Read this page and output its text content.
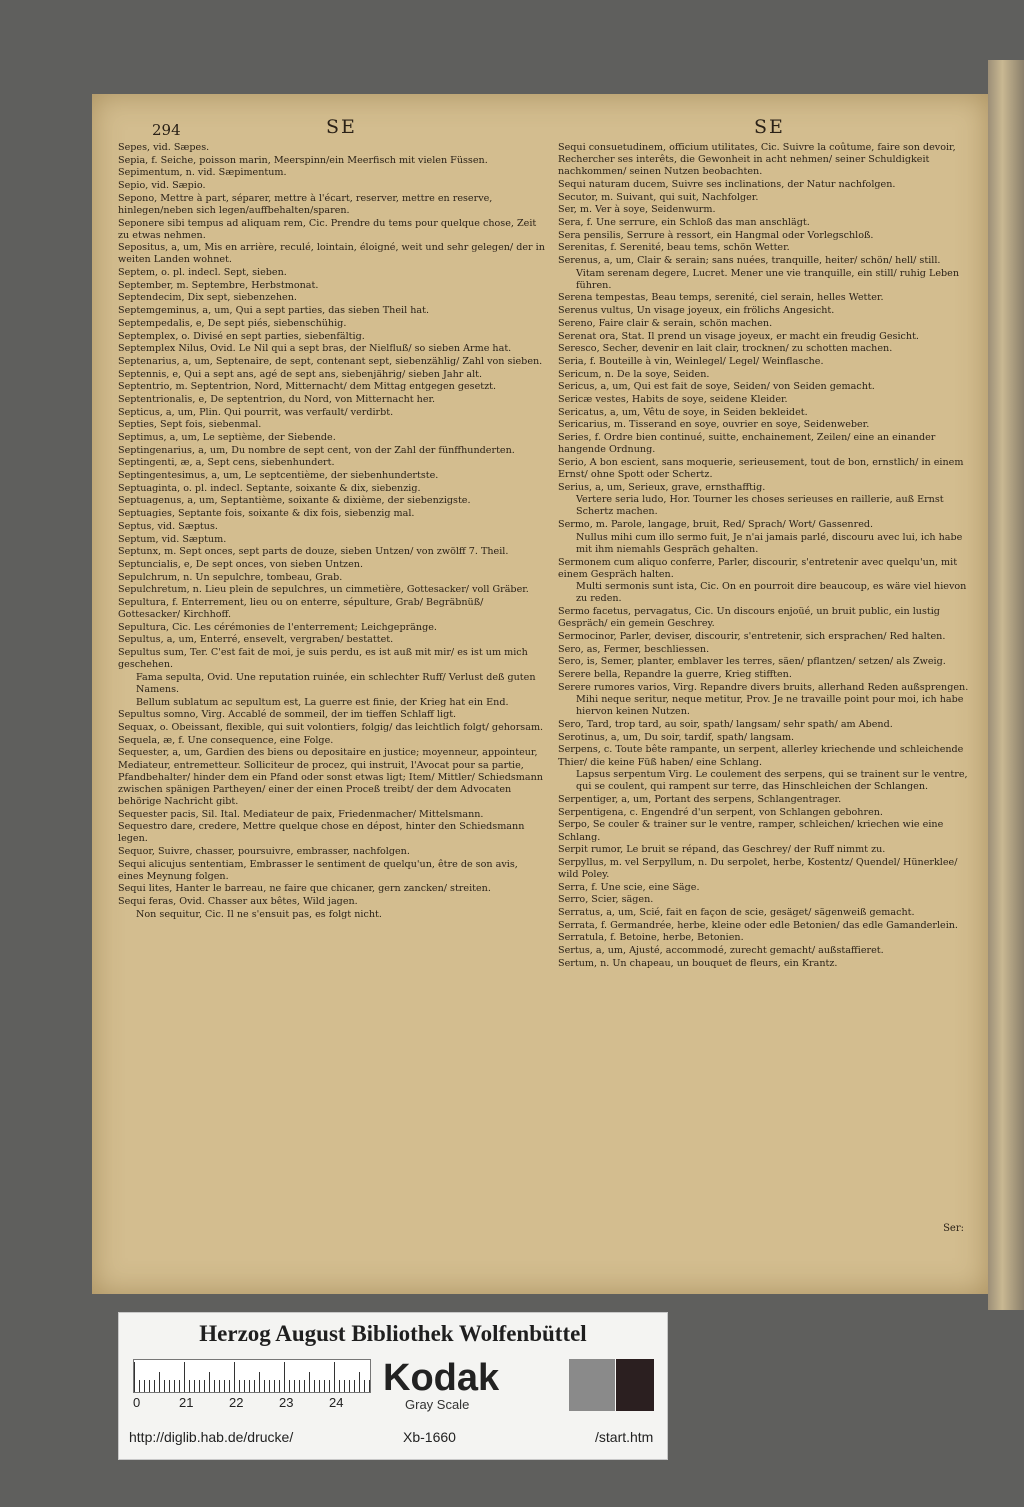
294	SE	SE
Sepes, vid. Sæpes.
Sepia, f. Seiche, poisson marin, Meerspinn/ein Meerfisch mit vielen Füssen.
Sepimentum, n. vid. Sæpimentum.
Sepio, vid. Sæpio.
Sepono, Mettre à part, séparer, mettre à l'écart, reserver, mettre en reserve, hinlegen/neben sich legen/auffbehalten/sparen.
Seponere sibi tempus ad aliquam rem, Cic. Prendre du tems pour quelque chose, Zeit zu etwas nehmen.
Sepositus, a, um, Mis en arrière, reculé, lointain, éloigné, weit und sehr gelegen/ der in weiten Landen wohnet.
Septem, o. pl. indecl. Sept, sieben.
September, m. Septembre, Herbstmonat.
Septendecim, Dix sept, siebenzehen.
Septemgeminus, a, um, Qui a sept parties, das sieben Theil hat.
Septempedalis, e, De sept piés, siebenschühig.
Septemplex, o. Divisé en sept parties, siebenfältig.
Septemplex Nilus, Ovid. Le Nil qui a sept bras, der Nielfluß/ so sieben Arme hat.
Septenarius, a, um, Septenaire, de sept, contenant sept, siebenzählig/ Zahl von sieben.
Septennis, e, Qui a sept ans, agé de sept ans, siebenjährig/ sieben Jahr alt.
Septentrio, m. Septentrion, Nord, Mitternacht/ dem Mittag entgegen gesetzt.
Septentrionalis, e, De septentrion, du Nord, von Mitternacht her.
Septicus, a, um, Plin. Qui pourrit, was verfault/ verdirbt.
Septies, Sept fois, siebenmal.
Septimus, a, um, Le septième, der Siebende.
Septingenarius, a, um, Du nombre de sept cent, von der Zahl der fünffhunderten.
Septingenti, æ, a, Sept cens, siebenhundert.
Septingentesimus, a, um, Le septcentième, der siebenhundertste.
Septuaginta, o. pl. indecl. Septante, soixante & dix, siebenzig.
Septuagenus, a, um, Septantième, soixante & dixième, der siebenzigste.
Septuagies, Septante fois, soixante & dix fois, siebenzig mal.
Septus, vid. Sæptus.
Septum, vid. Sæptum.
Septunx, m. Sept onces, sept parts de douze, sieben Untzen/ von zwölff 7. Theil.
Septuncialis, e, De sept onces, von sieben Untzen.
Sepulchrum, n. Un sepulchre, tombeau, Grab.
Sepulchretum, n. Lieu plein de sepulchres, un cimmetière, Gottesacker/ voll Gräber.
Sepultura, f. Enterrement, lieu ou on enterre, sépulture, Grab/ Begräbnüß/ Gottesacker/ Kirchhoff.
Sepultura, Cic. Les cérémonies de l'enterrement; Leichgepränge.
Sepultus, a, um, Enterré, ensevelt, vergraben/ bestattet.
Sepultus sum, Ter. C'est fait de moi, je suis perdu, es ist auß mit mir/ es ist um mich geschehen.
Fama sepulta, Ovid. Une reputation ruinée, ein schlechter Ruff/ Verlust deß guten Namens.
Bellum sublatum ac sepultum est, La guerre est finie, der Krieg hat ein End.
Sepultus somno, Virg. Accablé de sommeil, der im tieffen Schlaff ligt.
Sequax, o. Obeissant, flexible, qui suit volontiers, folgig/ das leichtlich folgt/ gehorsam.
Sequela, æ, f. Une consequence, eine Folge.
Sequester, a, um, Gardien des biens ou depositaire en justice; moyenneur, appointeur, Mediateur, entremetteur. Solliciteur de procez, qui instruit, l'Avocat pour sa partie, Pfandbehalter/ hinder dem ein Pfand oder sonst etwas ligt; Item/ Mittler/ Schiedsmann zwischen spänigen Partheyen/ einer der einen Proceß treibt/ der dem Advocaten behörige Nachricht gibt.
Sequester pacis, Sil. Ital. Mediateur de paix, Friedenmacher/ Mittelsmann.
Sequestro dare, credere, Mettre quelque chose en dépost, hinter den Schiedsmann legen.
Sequor, Suivre, chasser, poursuivre, embrasser, nachfolgen.
Sequi alicujus sententiam, Embrasser le sentiment de quelqu'un, être de son avis, eines Meynung folgen.
Sequi lites, Hanter le barreau, ne faire que chicaner, gern zancken/ streiten.
Sequi feras, Ovid. Chasser aux bêtes, Wild jagen.
Non sequitur, Cic. Il ne s'ensuit pas, es folgt nicht.
Sequi consuetudinem, officium utilitates, Cic. Suivre la coûtume, faire son devoir, Rechercher ses interêts, die Gewonheit in acht nehmen/ seiner Schuldigkeit nachkommen/ seinen Nutzen beobachten.
Sequi naturam ducem, Suivre ses inclinations, der Natur nachfolgen.
Secutor, m. Suivant, qui suit, Nachfolger.
Ser, m. Ver à soye, Seidenwurm.
Sera, f. Une serrure, ein Schloß das man anschlägt.
Sera pensilis, Serrure à ressort, ein Hangmal oder Vorlegschloß.
Serenitas, f. Serenité, beau tems, schön Wetter.
Serenus, a, um, Clair & serain; sans nuées, tranquille, heiter/ schön/ hell/ still.
Vitam serenam degere, Lucret. Mener une vie tranquille, ein still/ ruhig Leben führen.
Serena tempestas, Beau temps, serenité, ciel serain, helles Wetter.
Serenus vultus, Un visage joyeux, ein frölichs Angesicht.
Sereno, Faire clair & serain, schön machen.
Serenat ora, Stat. Il prend un visage joyeux, er macht ein freudig Gesicht.
Seresco, Secher, devenir en lait clair, trocknen/ zu schotten machen.
Seria, f. Bouteille à vin, Weinlegel/ Legel/ Weinflasche.
Sericum, n. De la soye, Seiden.
Sericus, a, um, Qui est fait de soye, Seiden/ von Seiden gemacht.
Sericæ vestes, Habits de soye, seidene Kleider.
Sericatus, a, um, Vêtu de soye, in Seiden bekleidet.
Sericarius, m. Tisserand en soye, ouvrier en soye, Seidenweber.
Series, f. Ordre bien continué, suitte, enchainement, Zeilen/ eine an einander hangende Ordnung.
Serio, A bon escient, sans moquerie, serieusement, tout de bon, ernstlich/ in einem Ernst/ ohne Spott oder Schertz.
Serius, a, um, Serieux, grave, ernsthafftig.
Vertere seria ludo, Hor. Tourner les choses serieuses en raillerie, auß Ernst Schertz machen.
Sermo, m. Parole, langage, bruit, Red/ Sprach/ Wort/ Gassenred.
Nullus mihi cum illo sermo fuit, Je n'ai jamais parlé, discouru avec lui, ich habe mit ihm niemahls Gespräch gehalten.
Sermonem cum aliquo conferre, Parler, discourir, s'entretenir avec quelqu'un, mit einem Gespräch halten.
Multi sermonis sunt ista, Cic. On en pourroit dire beaucoup, es wäre viel hievon zu reden.
Sermo facetus, pervagatus, Cic. Un discours enjoüé, un bruit public, ein lustig Gespräch/ ein gemein Geschrey.
Sermocinor, Parler, deviser, discourir, s'entretenir, sich ersprachen/ Red halten.
Sero, as, Fermer, beschliessen.
Sero, is, Semer, planter, emblaver les terres, säen/ pflantzen/ setzen/ als Zweig.
Serere bella, Repandre la guerre, Krieg stifften.
Serere rumores varios, Virg. Repandre divers bruits, allerhand Reden außsprengen.
Mihi neque seritur, neque metitur, Prov. Je ne travaille point pour moi, ich habe hiervon keinen Nutzen.
Sero, Tard, trop tard, au soir, spath/ langsam/ sehr spath/ am Abend.
Serotinus, a, um, Du soir, tardif, spath/ langsam.
Serpens, c. Toute bête rampante, un serpent, allerley kriechende und schleichende Thier/ die keine Füß haben/ eine Schlang.
Lapsus serpentum Virg. Le coulement des serpens, qui se trainent sur le ventre, qui se coulent, qui rampent sur terre, das Hinschleichen der Schlangen.
Serpentiger, a, um, Portant des serpens, Schlangentrager.
Serpentigena, c. Engendré d'un serpent, von Schlangen gebohren.
Serpo, Se couler & trainer sur le ventre, ramper, schleichen/ kriechen wie eine Schlang.
Serpit rumor, Le bruit se répand, das Geschrey/ der Ruff nimmt zu.
Serpyllus, m. vel Serpyllum, n. Du serpolet, herbe, Kostentz/ Quendel/ Hünerklee/ wild Poley.
Serra, f. Une scie, eine Säge.
Serro, Scier, sägen.
Serratus, a, um, Scié, fait en façon de scie, gesäget/ sägenweiß gemacht.
Serrata, f. Germandrée, herbe, kleine oder edle Betonien/ das edle Gamanderlein.
Serratula, f. Betoine, herbe, Betonien.
Sertus, a, um, Ajusté, accommodé, zurecht gemacht/ außstaffieret.
Sertum, n. Un chapeau, un bouquet de fleurs, ein Krantz.
Ser:
Herzog August Bibliothek Wolfenbüttel
0	21	22	23	24
Kodak
Gray Scale
http://diglib.hab.de/drucke/	Xb-1660	/start.htm
